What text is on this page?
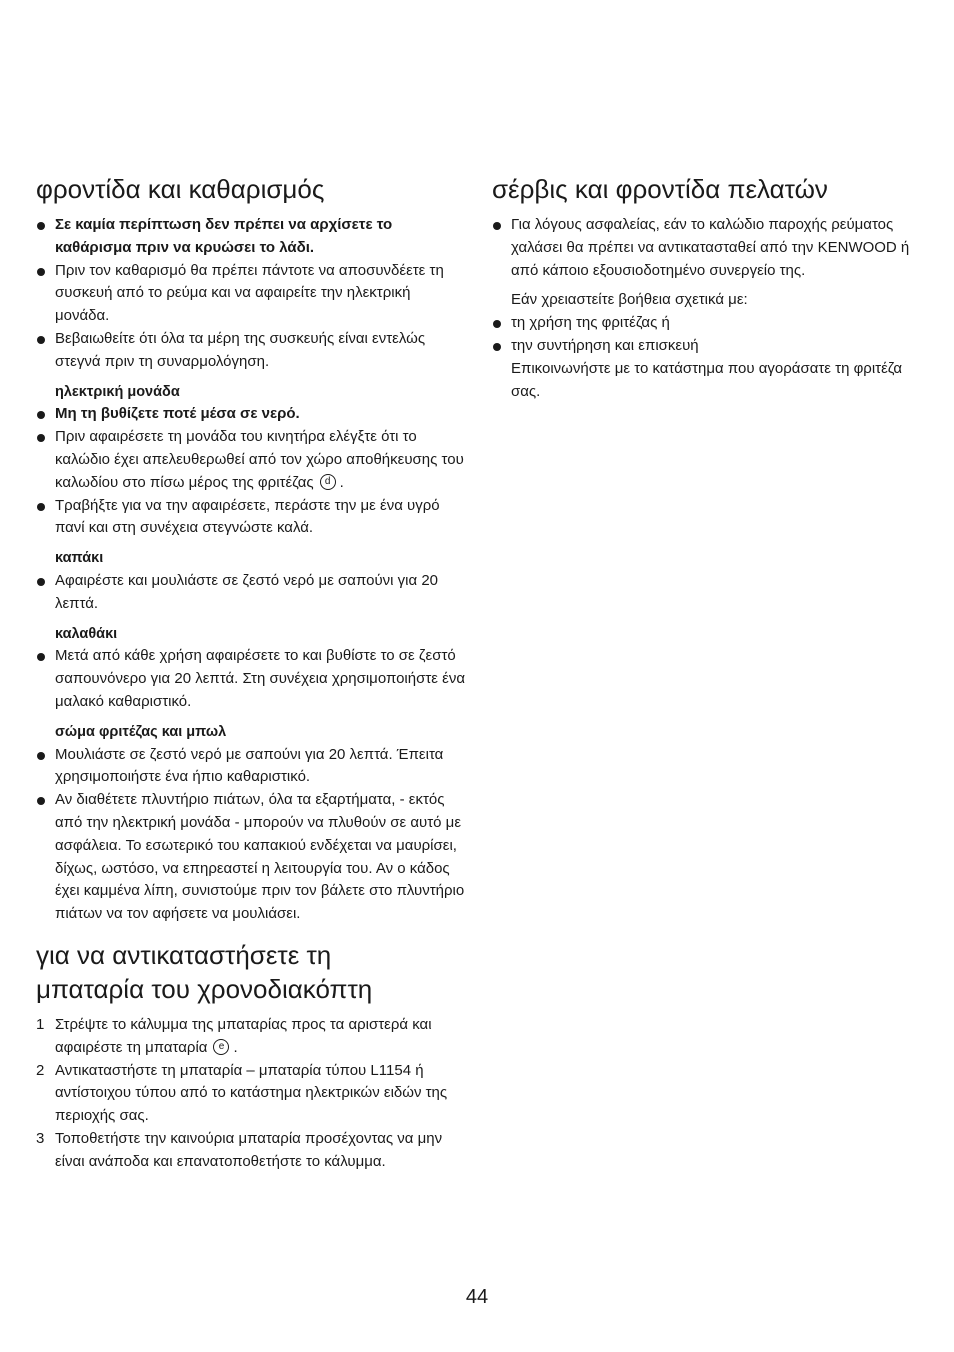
φροντίδα και καθαρισμός
Σε καμία περίπτωση δεν πρέπει να αρχίσετε το καθάρισμα πριν να κρυώσει το λάδι.
Πριν τον καθαρισμό θα πρέπει πάντοτε να αποσυνδέετε τη συσκευή από το ρεύμα και να αφαιρείτε την ηλεκτρική μονάδα.
Βεβαιωθείτε ότι όλα τα μέρη της συσκευής είναι εντελώς στεγνά πριν τη συναρμολόγηση.
ηλεκτρική μονάδα
Μη τη βυθίζετε ποτέ μέσα σε νερό.
Πριν αφαιρέσετε τη μονάδα του κινητήρα ελέγξτε ότι το καλώδιο έχει απελευθερωθεί από τον χώρο αποθήκευσης του καλωδίου στο πίσω μέρος της φριτέζας d .
Τραβήξτε για να την αφαιρέσετε, περάστε την με ένα υγρό πανί και στη συνέχεια στεγνώστε καλά.
καπάκι
Αφαιρέστε και μουλιάστε σε ζεστό νερό με σαπούνι για 20 λεπτά.
καλαθάκι
Μετά από κάθε χρήση αφαιρέσετε το και βυθίστε το σε ζεστό σαπουνόνερο για 20 λεπτά. Στη συνέχεια χρησιμοποιήστε ένα μαλακό καθαριστικό.
σώμα φριτέζας και μπωλ
Μουλιάστε σε ζεστό νερό με σαπούνι για 20 λεπτά. Έπειτα χρησιμοποιήστε ένα ήπιο καθαριστικό.
Αν διαθέτετε πλυντήριο πιάτων, όλα τα εξαρτήματα, - εκτός από την ηλεκτρική μονάδα - μπορούν να πλυθούν σε αυτό με ασφάλεια. Το εσωτερικό του καπακιού ενδέχεται να μαυρίσει, δίχως, ωστόσο, να επηρεαστεί η λειτουργία του. Αν ο κάδος έχει καμμένα λίπη, συνιστούμε πριν τον βάλετε στο πλυντήριο πιάτων να τον αφήσετε να μουλιάσει.
για να αντικαταστήσετε τη
μπαταρία του χρονοδιακόπτη
1 Στρέψτε το κάλυμμα της μπαταρίας προς τα αριστερά και αφαιρέστε τη μπαταρία e .
2 Αντικαταστήστε τη μπαταρία – μπαταρία τύπου L1154 ή αντίστοιχου τύπου από το κατάστημα ηλεκτρικών ειδών της περιοχής σας.
3 Τοποθετήστε την καινούρια μπαταρία προσέχοντας να μην είναι ανάποδα και επανατοποθετήστε το κάλυμμα.
σέρβις και φροντίδα πελατών
Για λόγους ασφαλείας, εάν το καλώδιο παροχής ρεύματος χαλάσει θα πρέπει να αντικατασταθεί από την KENWOOD ή από κάποιο εξουσιοδοτημένο συνεργείο της.
Εάν χρειαστείτε βοήθεια σχετικά με:
τη χρήση της φριτέζας ή
την συντήρηση και επισκευή
Επικοινωνήστε με το κατάστημα που αγοράσατε τη φριτέζα σας.
44
